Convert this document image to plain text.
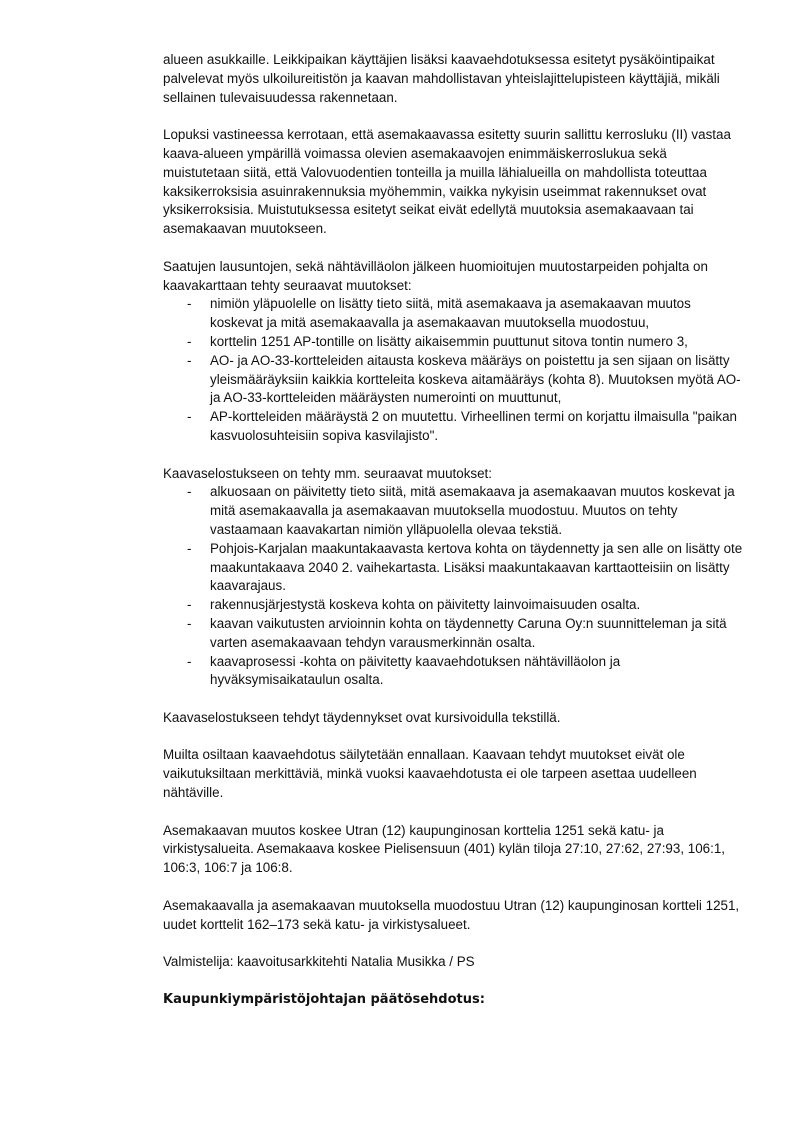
alueen asukkaille. Leikkipaikan käyttäjien lisäksi kaavaehdotuksessa esitetyt pysäköintipaikat palvelevat myös ulkoilureitistön ja kaavan mahdollistavan yhteislajittelupisteen käyttäjiä, mikäli sellainen tulevaisuudessa rakennetaan.

Lopuksi vastineessa kerrotaan, että asemakaavassa esitetty suurin sallittu kerrosluku (II) vastaa kaava-alueen ympärillä voimassa olevien asemakaavojen enimmäiskerroslukua sekä muistutetaan siitä, että Valovuodentien tonteilla ja muilla lähialueilla on mahdollista toteuttaa kaksikerroksisia asuinrakennuksia myöhemmin, vaikka nykyisin useimmat rakennukset ovat yksikerroksisia. Muistutuksessa esitetyt seikat eivät edellytä muutoksia asemakaavaan tai asemakaavan muutokseen.

Saatujen lausuntojen, sekä nähtävilläolon jälkeen huomioitujen muutostarpeiden pohjalta on kaavakarttaan tehty seuraavat muutokset:

- nimiön yläpuolelle on lisätty tieto siitä, mitä asemakaava ja asemakaavan muutos koskevat ja mitä asemakaavalla ja asemakaavan muutoksella muodostuu,
- korttelin 1251 AP-tontille on lisätty aikaisemmin puuttunut sitova tontin numero 3,
- AO- ja AO-33-kortteleiden aitausta koskeva määräys on poistettu ja sen sijaan on lisätty yleismääräyksiin kaikkia kortteleita koskeva aitamääräys (kohta 8). Muutoksen myötä AO- ja AO-33-kortteleiden määräysten numerointi on muuttunut,
- AP-kortteleiden määräystä 2 on muutettu. Virheellinen termi on korjattu ilmaisulla "paikan kasvuolosuhteisiin sopiva kasvilajisto".

Kaavaselostukseen on tehty mm. seuraavat muutokset:

- alkuosaan on päivitetty tieto siitä, mitä asemakaava ja asemakaavan muutos koskevat ja mitä asemakaavalla ja asemakaavan muutoksella muodostuu. Muutos on tehty vastaamaan kaavakartan nimiön ylläpuolella olevaa tekstiä.
- Pohjois-Karjalan maakuntakaavasta kertova kohta on täydennetty ja sen alle on lisätty ote maakuntakaava 2040 2. vaihekartasta. Lisäksi maakuntakaavan karttaotteisiin on lisätty kaavarajaus.
- rakennusjärjestystä koskeva kohta on päivitetty lainvoimaisuuden osalta.
- kaavan vaikutusten arvioinnin kohta on täydennetty Caruna Oy:n suunnitteleman ja sitä varten asemakaavaan tehdyn varausmerkinnän osalta.
- kaavaprosessi -kohta on päivitetty kaavaehdotuksen nähtävilläolon ja hyväksymisaikataulun osalta.

Kaavaselostukseen tehdyt täydennykset ovat kursivoidulla tekstillä.

Muilta osiltaan kaavaehdotus säilytetään ennallaan. Kaavaan tehdyt muutokset eivät ole vaikutuksiltaan merkittäviä, minkä vuoksi kaavaehdotusta ei ole tarpeen asettaa uudelleen nähtäville.

Asemakaavan muutos koskee Utran (12) kaupunginosan korttelia 1251 sekä katu- ja virkistysalueita. Asemakaava koskee Pielisensuun (401) kylän tiloja 27:10, 27:62, 27:93, 106:1, 106:3, 106:7 ja 106:8.

Asemakaavalla ja asemakaavan muutoksella muodostuu Utran (12) kaupunginosan kortteli 1251, uudet korttelit 162–173 sekä katu- ja virkistysalueet.

Valmistelija: kaavoitusarkkitehti Natalia Musikka / PS

Kaupunkiympäristöjohtajan päätösehdotus:
